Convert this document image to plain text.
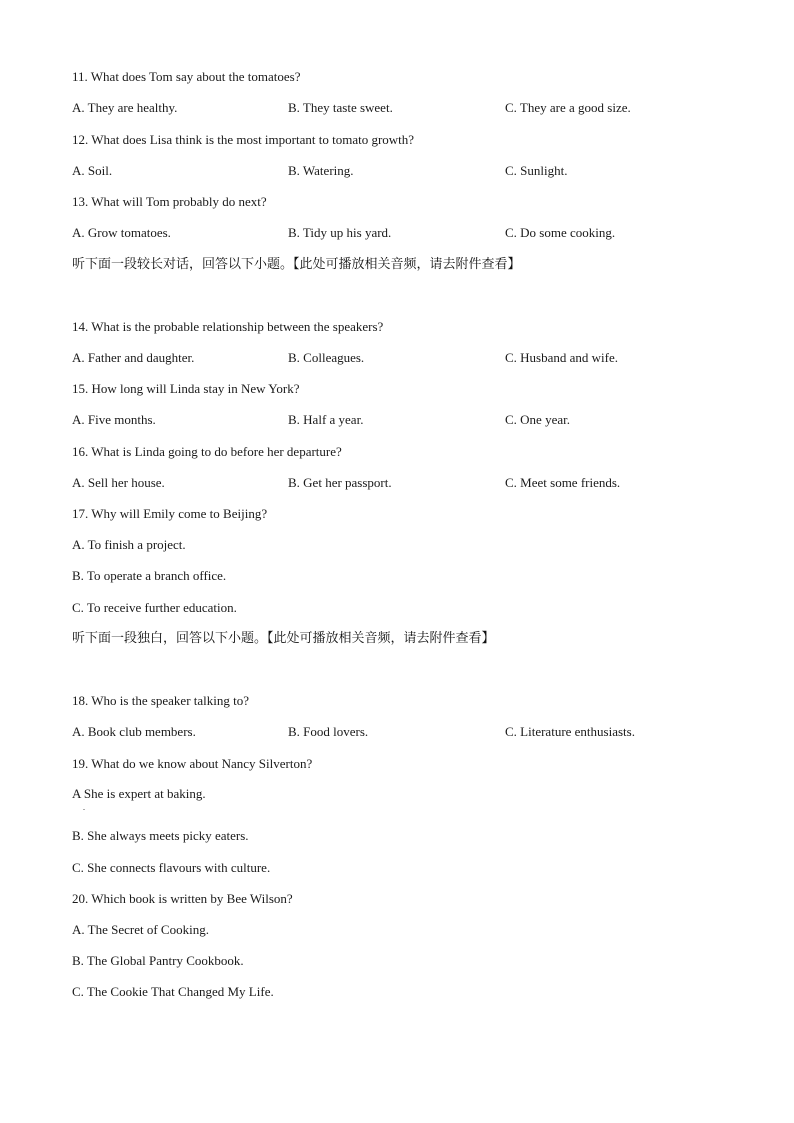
11. What does Tom say about the tomatoes?
A. They are healthy.	B. They taste sweet.	C. They are a good size.
12. What does Lisa think is the most important to tomato growth?
A. Soil.	B. Watering.	C. Sunlight.
13. What will Tom probably do next?
A. Grow tomatoes.	B. Tidy up his yard.	C. Do some cooking.
听下面一段较长对话，回答以下小题。【此处可播放相关音频，请去附件查看】
14. What is the probable relationship between the speakers?
A. Father and daughter.	B. Colleagues.	C. Husband and wife.
15. How long will Linda stay in New York?
A. Five months.	B. Half a year.	C. One year.
16. What is Linda going to do before her departure?
A. Sell her house.	B. Get her passport.	C. Meet some friends.
17. Why will Emily come to Beijing?
A. To finish a project.
B. To operate a branch office.
C. To receive further education.
听下面一段独白，回答以下小题。【此处可播放相关音频，请去附件查看】
18. Who is the speaker talking to?
A. Book club members.	B. Food lovers.	C. Literature enthusiasts.
19. What do we know about Nancy Silverton?
A She is expert at baking.
.
B. She always meets picky eaters.
C. She connects flavours with culture.
20. Which book is written by Bee Wilson?
A. The Secret of Cooking.
B. The Global Pantry Cookbook.
C. The Cookie That Changed My Life.
